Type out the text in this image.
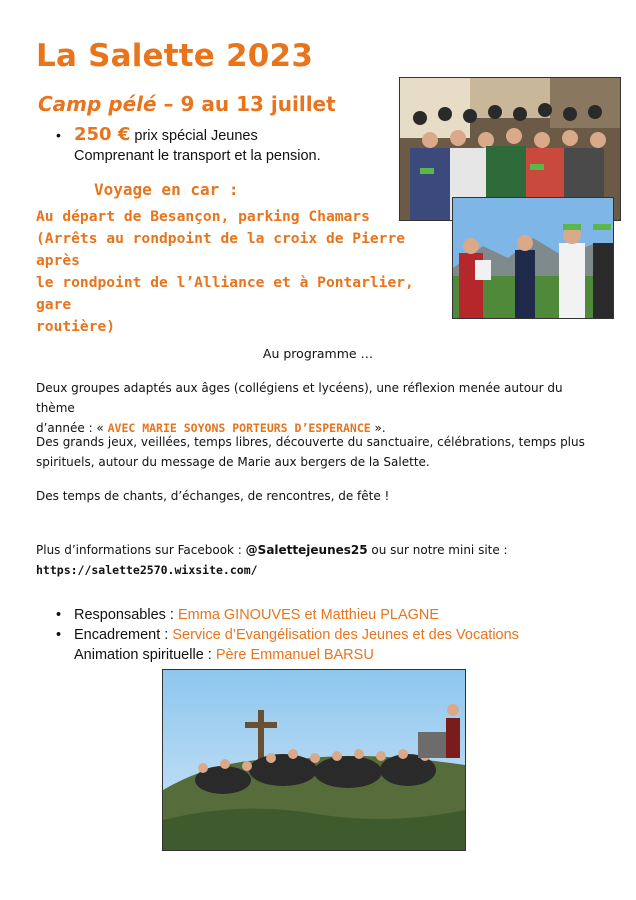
La Salette 2023
Camp pélé – 9 au 13 juillet
• 250 € prix spécial Jeunes
Comprenant le transport et la pension.
Voyage en car :
Au départ de Besançon, parking Chamars
(Arrêts au rondpoint de la croix de Pierre après
le rondpoint de l’Alliance et à Pontarlier, gare
routière)
Au programme …
Deux groupes adaptés aux âges (collégiens et lycéens), une réflexion menée autour du thème
d’année : « AVEC MARIE SOYONS PORTEURS D’ESPERANCE ».
Des grands jeux, veillées, temps libres, découverte du sanctuaire, célébrations, temps plus
spirituels, autour du message de Marie aux bergers de la Salette.
Des temps de chants, d’échanges, de rencontres, de fête !
Plus d’informations sur Facebook : @Salettejeunes25 ou sur notre mini site :
https://salette2570.wixsite.com/
• Responsables : Emma GINOUVES et Matthieu PLAGNE
• Encadrement : Service d’Evangélisation des Jeunes et des Vocations
Animation spirituelle : Père Emmanuel BARSU
